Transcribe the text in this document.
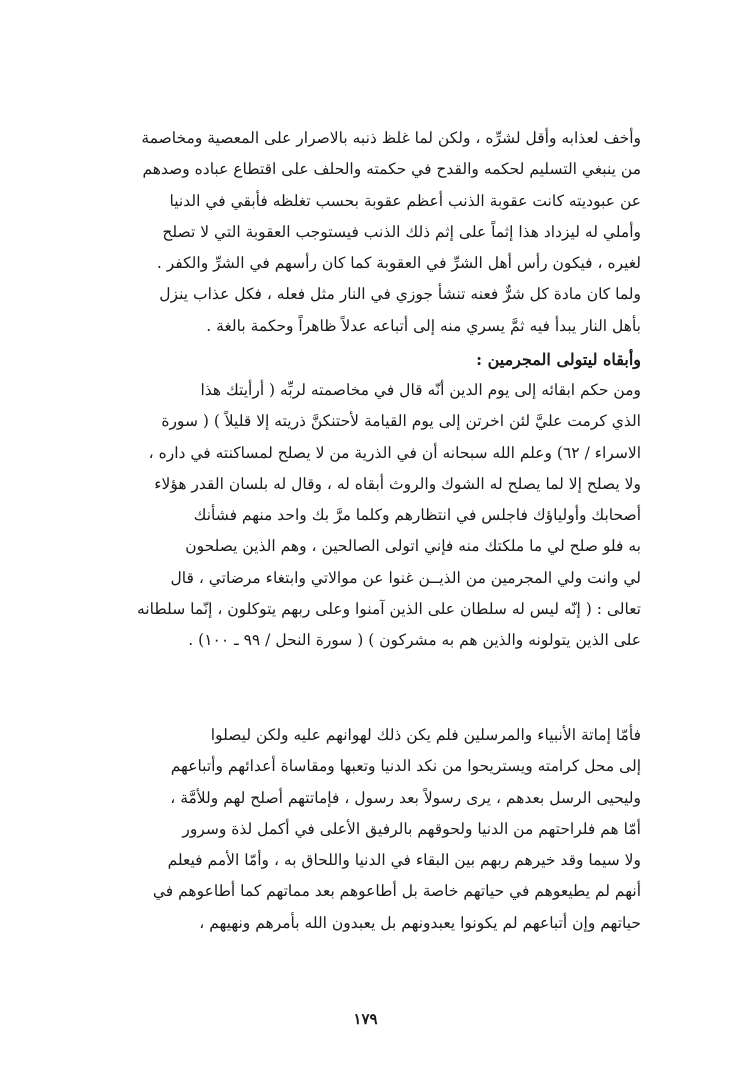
وأخف لعذابه وأقل لشرِّه ، ولكن لما غلظ ذنبه بالاصرار على المعصية ومخاصمة
من ينبغي التسليم لحكمه والقدح في حكمته والحلف على اقتطاع عباده وصدهم
عن عبوديته كانت عقوبة الذنب أعظم عقوبة بحسب تغلظه فأبقي في الدنيا
وأملي له ليزداد هذا إثماً على إثم ذلك الذنب فيستوجب العقوبة التي لا تصلح
لغيره ، فيكون رأس أهل الشرِّ في العقوبة كما كان رأسهم في الشرِّ والكفر .
ولما كان مادة كل شرٌّ فعنه تنشأ جوزي في النار مثل فعله ، فكل عذاب ينزل
بأهل النار يبدأ فيه ثمَّ يسري منه إلى أتباعه عدلاً ظاهراً وحكمة بالغة .
وأبقاه ليتولى المجرمين :
ومن حكم ابقائه إلى يوم الدين أنّه قال في مخاصمته لربِّه ( أرأيتك هذا
الذي كرمت عليَّ لئن اخرتن إلى يوم القيامة لأحتنكنَّ ذريته إلا قليلاً ) ( سورة
الاسراء / ٦٢) وعلم الله سبحانه أن في الذرية من لا يصلح لمساكنته في داره ،
ولا يصلح إلا لما يصلح له الشوك والروث أبقاه له ، وقال له بلسان القدر هؤلاء
أصحابك وأولياؤك فاجلس في انتظارهم وكلما مرَّ بك واحد منهم فشأنك
به فلو صلح لي ما ملكتك منه فإني اتولى الصالحين ، وهم الذين يصلحون
لي وانت ولي المجرمين من الذيــن غنوا عن موالاتي وابتغاء مرضاتي ، قال
تعالى : ( إنّه ليس له سلطان على الذين آمنوا وعلى ربهم يتوكلون ، إنّما سلطانه
على الذين يتولونه والذين هم به مشركون ) ( سورة النحل / ٩٩ ـ ١٠٠) .
فأمّا إماتة الأنبياء والمرسلين فلم يكن ذلك لهوانهم عليه ولكن ليصلوا
إلى محل كرامته ويستريحوا من نكد الدنيا وتعبها ومقاساة أعدائهم وأتباعهم
وليحيى الرسل بعدهم ، يرى رسولاً بعد رسول ، فإماتتهم أصلح لهم وللأمَّة ،
أمّا هم فلراحتهم من الدنيا ولحوقهم بالرفيق الأعلى في أكمل لذة وسرور
ولا سيما وقد خيرهم ربهم بين البقاء في الدنيا واللحاق به ، وأمّا الأمم فيعلم
أنهم لم يطيعوهم في حياتهم خاصة بل أطاعوهم بعد مماتهم كما أطاعوهم في
حياتهم وإن أتباعهم لم يكونوا يعبدونهم بل يعبدون الله بأمرهم ونهيهم ،
١٧٩
